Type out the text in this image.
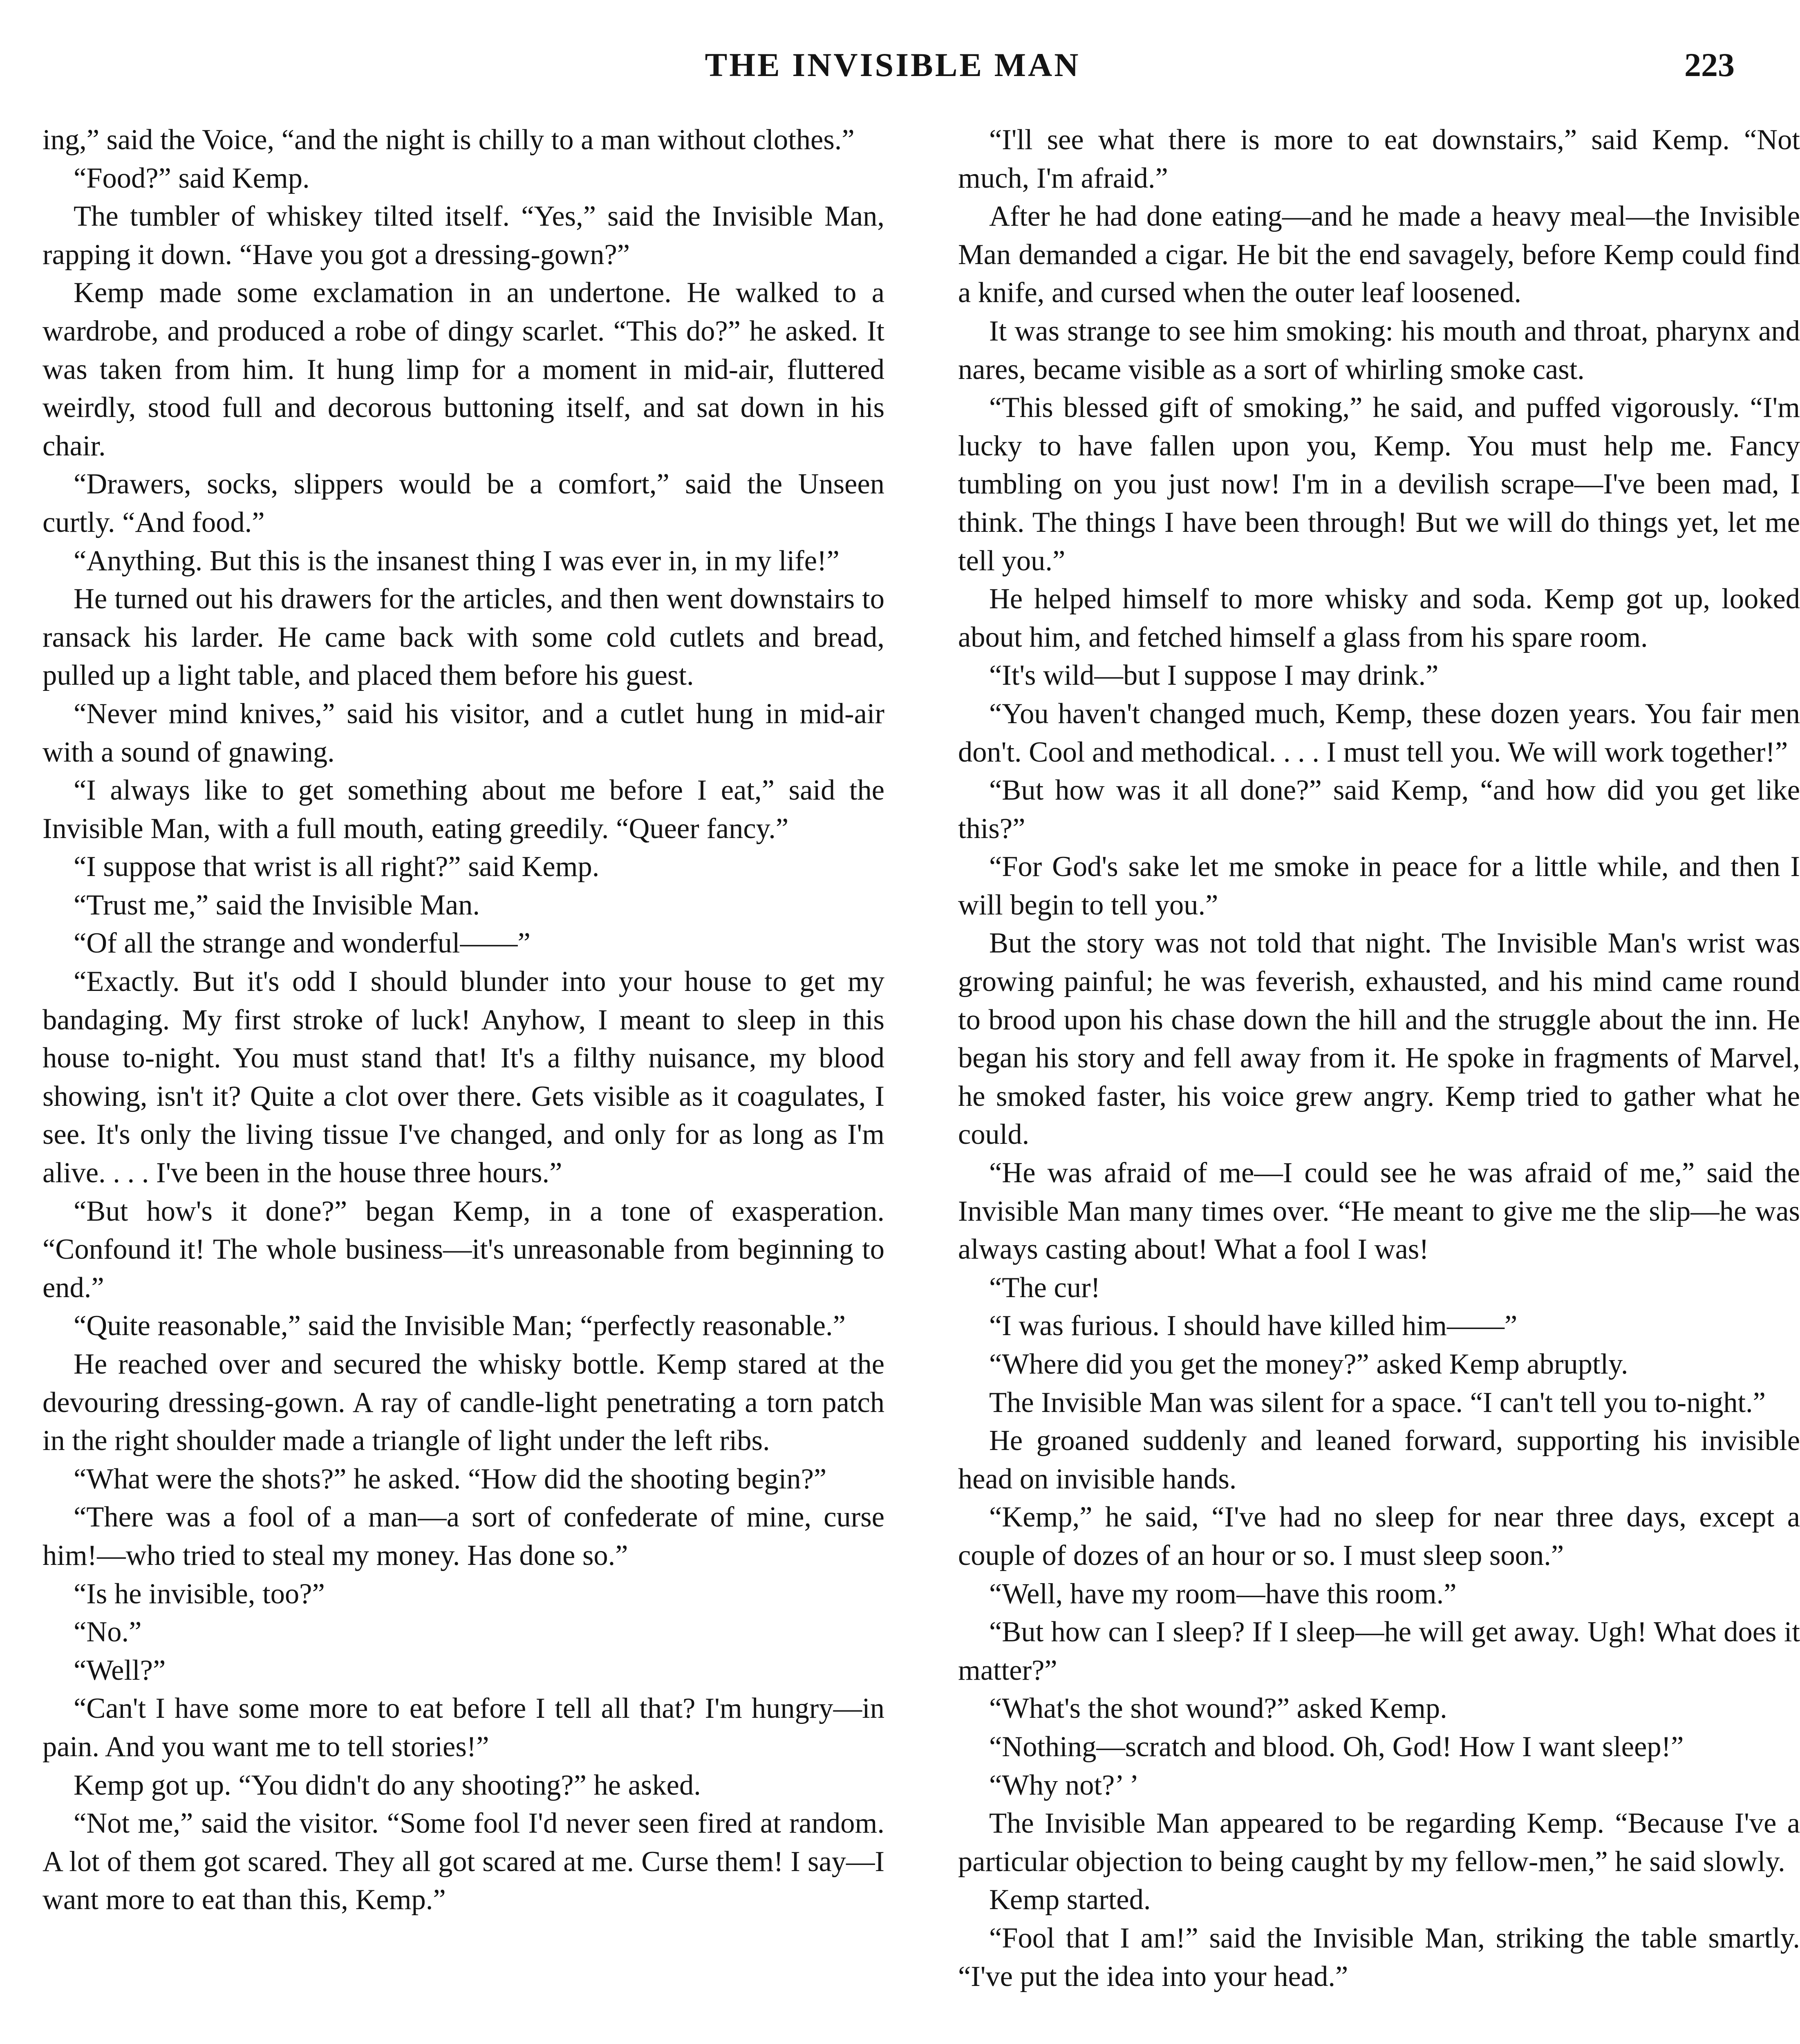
THE INVISIBLE MAN	223

ing,” said the Voice, “and the night is chilly to a man without clothes.”

“Food?” said Kemp.

The tumbler of whiskey tilted itself. “Yes,” said the Invisible Man, rapping it down. “Have you got a dressing-gown?”

Kemp made some exclamation in an undertone. He walked to a wardrobe, and produced a robe of dingy scarlet. “This do?” he asked. It was taken from him. It hung limp for a moment in mid-air, fluttered weirdly, stood full and decorous buttoning itself, and sat down in his chair.

“Drawers, socks, slippers would be a comfort,” said the Unseen curtly. “And food.”

“Anything. But this is the insanest thing I was ever in, in my life!”

He turned out his drawers for the articles, and then went downstairs to ransack his larder. He came back with some cold cutlets and bread, pulled up a light table, and placed them before his guest.

“Never mind knives,” said his visitor, and a cutlet hung in mid-air with a sound of gnawing.

“I always like to get something about me before I eat,” said the Invisible Man, with a full mouth, eating greedily. “Queer fancy.”

“I suppose that wrist is all right?” said Kemp.

“Trust me,” said the Invisible Man.

“Of all the strange and wonderful——”

“Exactly. But it's odd I should blunder into your house to get my bandaging. My first stroke of luck! Anyhow, I meant to sleep in this house to-night. You must stand that! It's a filthy nuisance, my blood showing, isn't it? Quite a clot over there. Gets visible as it coagulates, I see. It's only the living tissue I've changed, and only for as long as I'm alive. . . . I've been in the house three hours.”

“But how's it done?” began Kemp, in a tone of exasperation. “Confound it! The whole business—it's unreasonable from beginning to end.”

“Quite reasonable,” said the Invisible Man; “perfectly reasonable.”

He reached over and secured the whisky bottle. Kemp stared at the devouring dressing-gown. A ray of candle-light penetrating a torn patch in the right shoulder made a triangle of light under the left ribs.

“What were the shots?” he asked. “How did the shooting begin?”

“There was a fool of a man—a sort of confederate of mine, curse him!—who tried to steal my money. Has done so.”

“Is he invisible, too?”

“No.”

“Well?”

“Can't I have some more to eat before I tell all that? I'm hungry—in pain. And you want me to tell stories!”

Kemp got up. “You didn't do any shooting?” he asked.

“Not me,” said the visitor. “Some fool I'd never seen fired at random. A lot of them got scared. They all got scared at me. Curse them! I say—I want more to eat than this, Kemp.”

“I'll see what there is more to eat downstairs,” said Kemp. “Not much, I'm afraid.”

After he had done eating—and he made a heavy meal—the Invisible Man demanded a cigar. He bit the end savagely, before Kemp could find a knife, and cursed when the outer leaf loosened.

It was strange to see him smoking: his mouth and throat, pharynx and nares, became visible as a sort of whirling smoke cast.

“This blessed gift of smoking,” he said, and puffed vigorously. “I'm lucky to have fallen upon you, Kemp. You must help me. Fancy tumbling on you just now! I'm in a devilish scrape—I've been mad, I think. The things I have been through! But we will do things yet, let me tell you.”

He helped himself to more whisky and soda. Kemp got up, looked about him, and fetched himself a glass from his spare room.

“It's wild—but I suppose I may drink.”

“You haven't changed much, Kemp, these dozen years. You fair men don't. Cool and methodical. . . . I must tell you. We will work together!”

“But how was it all done?” said Kemp, “and how did you get like this?”

“For God's sake let me smoke in peace for a little while, and then I will begin to tell you.”

But the story was not told that night. The Invisible Man's wrist was growing painful; he was feverish, exhausted, and his mind came round to brood upon his chase down the hill and the struggle about the inn. He began his story and fell away from it. He spoke in fragments of Marvel, he smoked faster, his voice grew angry. Kemp tried to gather what he could.

“He was afraid of me—I could see he was afraid of me,” said the Invisible Man many times over. “He meant to give me the slip—he was always casting about! What a fool I was!

“The cur!

“I was furious. I should have killed him——”

“Where did you get the money?” asked Kemp abruptly.

The Invisible Man was silent for a space. “I can't tell you to-night.”

He groaned suddenly and leaned forward, supporting his invisible head on invisible hands.

“Kemp,” he said, “I've had no sleep for near three days, except a couple of dozes of an hour or so. I must sleep soon.”

“Well, have my room—have this room.”

“But how can I sleep? If I sleep—he will get away. Ugh! What does it matter?”

“What's the shot wound?” asked Kemp.

“Nothing—scratch and blood. Oh, God! How I want sleep!”

“Why not?’ ’

The Invisible Man appeared to be regarding Kemp. “Because I've a particular objection to being caught by my fellow-men,” he said slowly.

Kemp started.

“Fool that I am!” said the Invisible Man, striking the table smartly. “I've put the idea into your head.”
